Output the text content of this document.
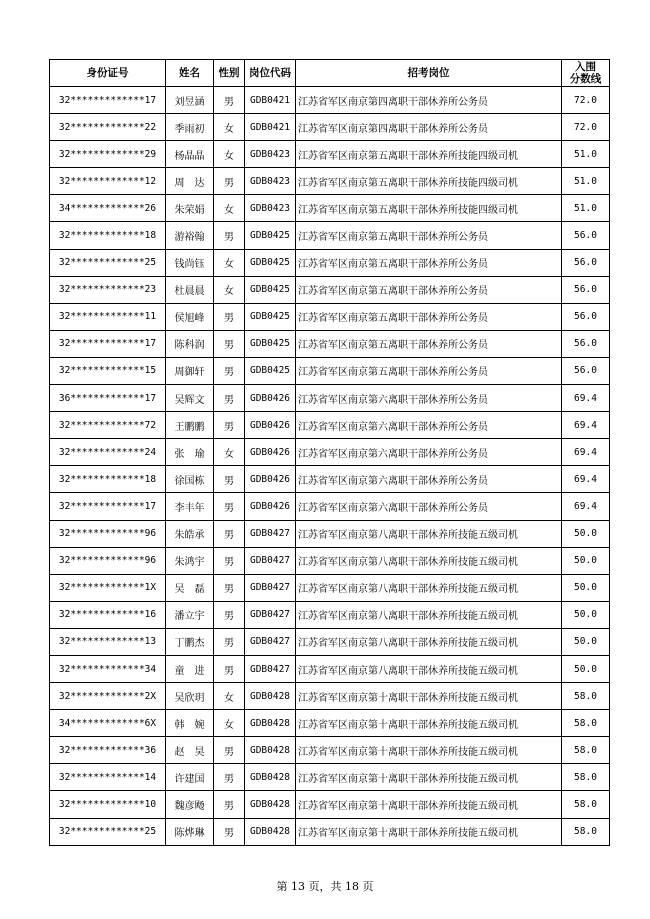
身份证号	姓名	性别	岗位代码	招考岗位	入围
分数线
32*************17	刘昱涵	男	GDB0421	江苏省军区南京第四离职干部休养所公务员	72.0
32*************22	季雨初	女	GDB0421	江苏省军区南京第四离职干部休养所公务员	72.0
32*************29	杨晶晶	女	GDB0423	江苏省军区南京第五离职干部休养所技能四级司机	51.0
32*************12	周　达	男	GDB0423	江苏省军区南京第五离职干部休养所技能四级司机	51.0
34*************26	朱荣娟	女	GDB0423	江苏省军区南京第五离职干部休养所技能四级司机	51.0
32*************18	游裕翰	男	GDB0425	江苏省军区南京第五离职干部休养所公务员	56.0
32*************25	钱尚钰	女	GDB0425	江苏省军区南京第五离职干部休养所公务员	56.0
32*************23	杜晨晨	女	GDB0425	江苏省军区南京第五离职干部休养所公务员	56.0
32*************11	侯旭峰	男	GDB0425	江苏省军区南京第五离职干部休养所公务员	56.0
32*************17	陈科润	男	GDB0425	江苏省军区南京第五离职干部休养所公务员	56.0
32*************15	周御轩	男	GDB0425	江苏省军区南京第五离职干部休养所公务员	56.0
36*************17	吴辉文	男	GDB0426	江苏省军区南京第六离职干部休养所公务员	69.4
32*************72	王鹏鹏	男	GDB0426	江苏省军区南京第六离职干部休养所公务员	69.4
32*************24	张　瑜	女	GDB0426	江苏省军区南京第六离职干部休养所公务员	69.4
32*************18	徐国栋	男	GDB0426	江苏省军区南京第六离职干部休养所公务员	69.4
32*************17	李丰年	男	GDB0426	江苏省军区南京第六离职干部休养所公务员	69.4
32*************96	朱皓承	男	GDB0427	江苏省军区南京第八离职干部休养所技能五级司机	50.0
32*************96	朱鸿宇	男	GDB0427	江苏省军区南京第八离职干部休养所技能五级司机	50.0
32*************1X	吴　磊	男	GDB0427	江苏省军区南京第八离职干部休养所技能五级司机	50.0
32*************16	潘立宇	男	GDB0427	江苏省军区南京第八离职干部休养所技能五级司机	50.0
32*************13	丁鹏杰	男	GDB0427	江苏省军区南京第八离职干部休养所技能五级司机	50.0
32*************34	童　进	男	GDB0427	江苏省军区南京第八离职干部休养所技能五级司机	50.0
32*************2X	吴欣玥	女	GDB0428	江苏省军区南京第十离职干部休养所技能五级司机	58.0
34*************6X	韩　婉	女	GDB0428	江苏省军区南京第十离职干部休养所技能五级司机	58.0
32*************36	赵　昊	男	GDB0428	江苏省军区南京第十离职干部休养所技能五级司机	58.0
32*************14	许建国	男	GDB0428	江苏省军区南京第十离职干部休养所技能五级司机	58.0
32*************10	魏彦飏	男	GDB0428	江苏省军区南京第十离职干部休养所技能五级司机	58.0
32*************25	陈烨琳	男	GDB0428	江苏省军区南京第十离职干部休养所技能五级司机	58.0
第 13 页，共 18 页
